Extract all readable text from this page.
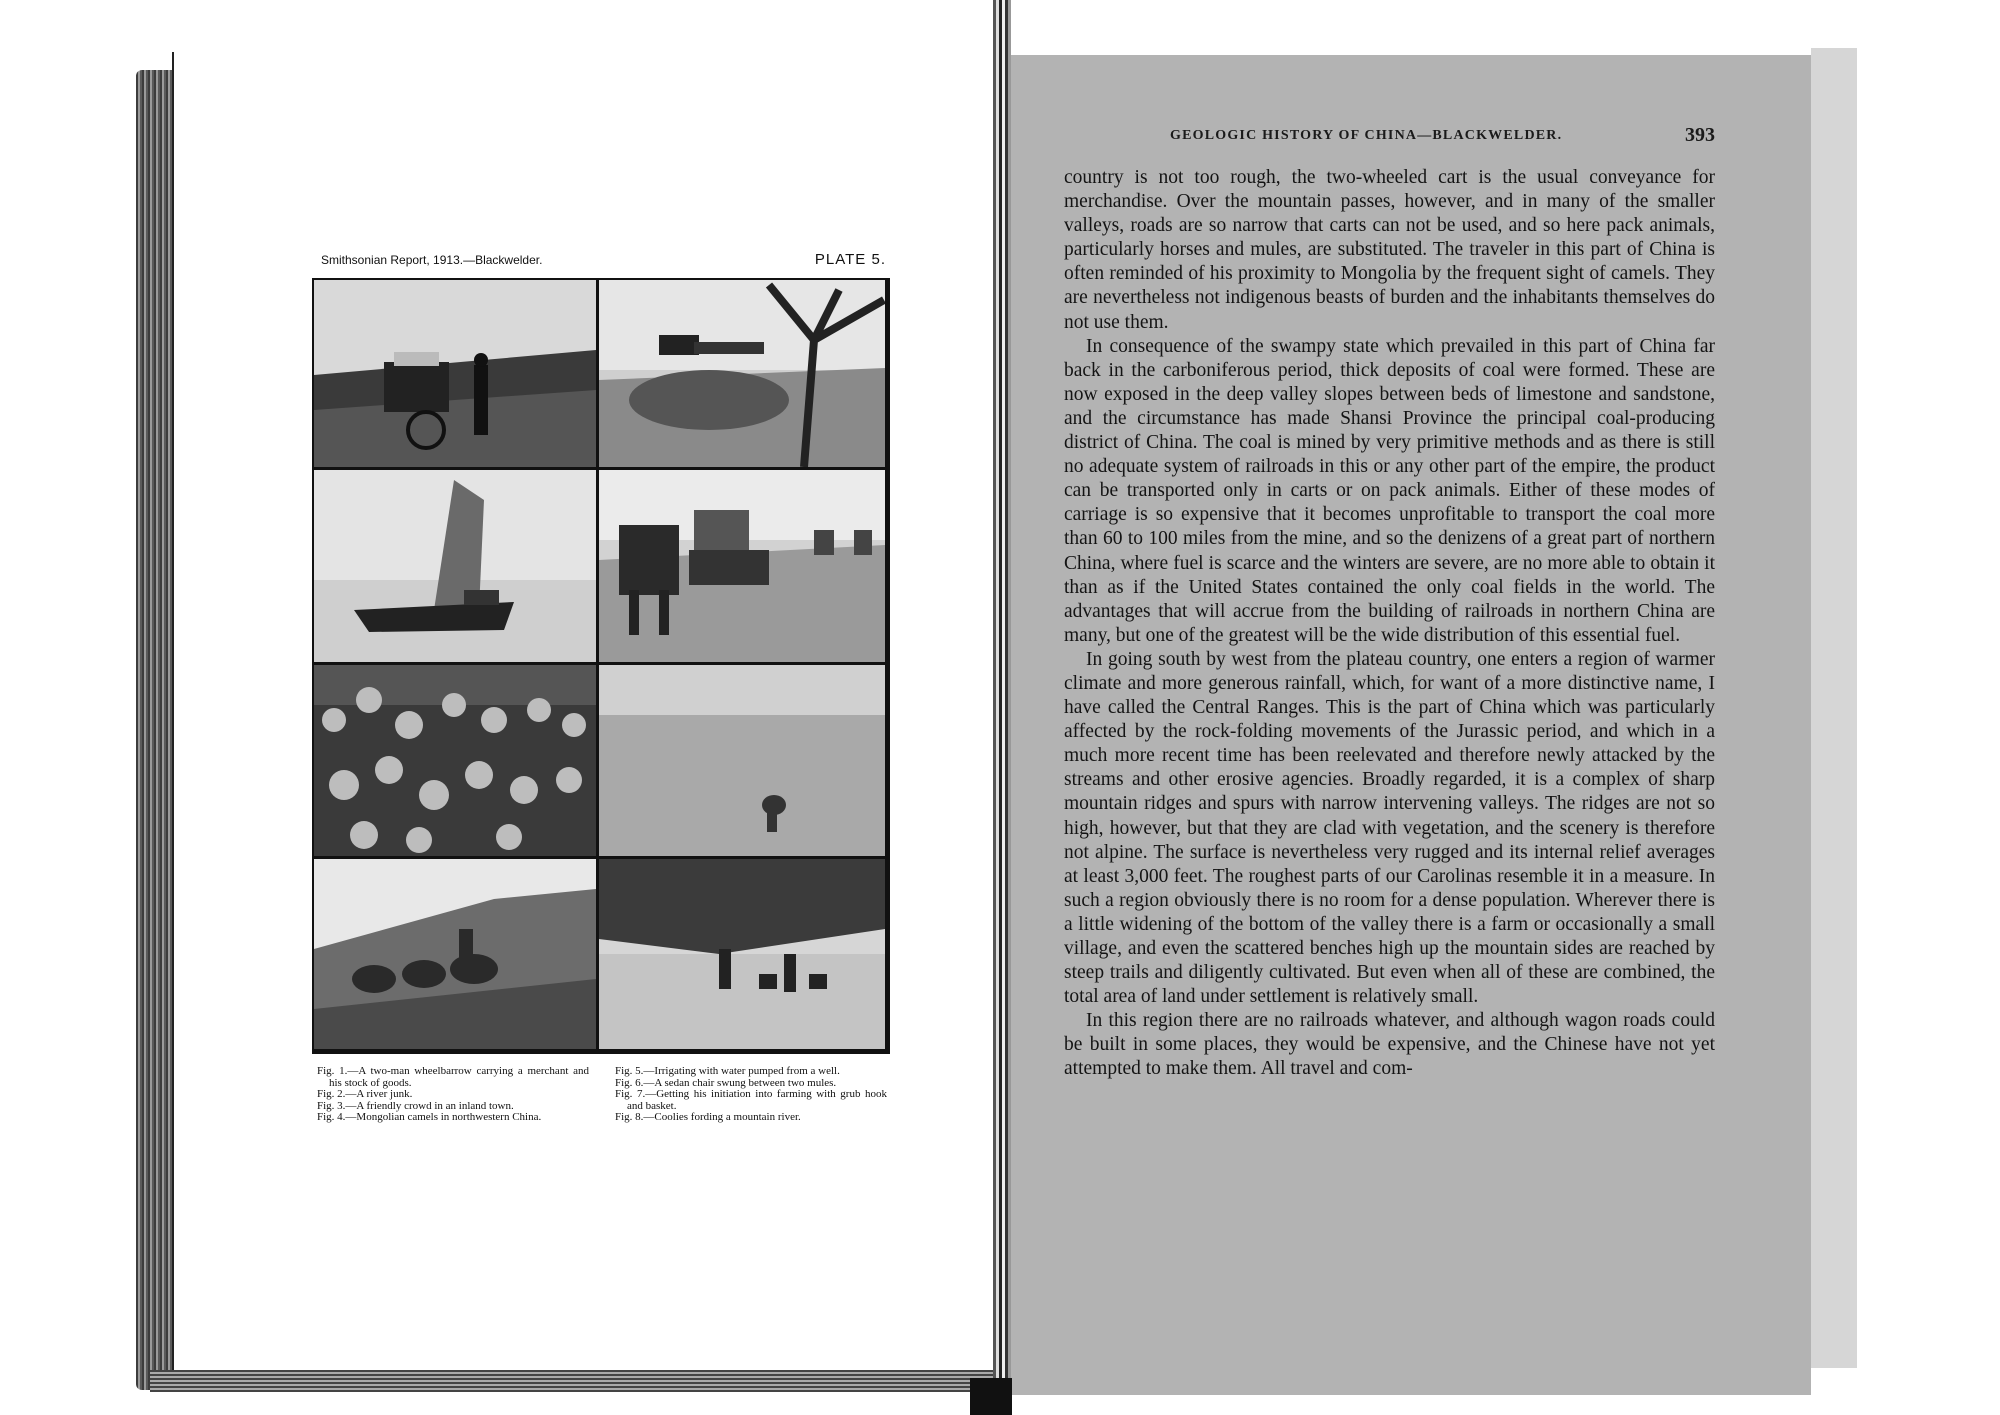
Smithsonian Report, 1913.—Blackwelder.	PLATE 5.

Fig. 1.—A two-man wheelbarrow carrying a merchant and his stock of goods.

Fig. 2.—A river junk.

Fig. 3.—A friendly crowd in an inland town.

Fig. 4.—Mongolian camels in northwestern China.

Fig. 5.—Irrigating with water pumped from a well.

Fig. 6.—A sedan chair swung between two mules.

Fig. 7.—Getting his initiation into farming with grub hook and basket.

Fig. 8.—Coolies fording a mountain river.

GEOLOGIC HISTORY OF CHINA—BLACKWELDER.	393

country is not too rough, the two-wheeled cart is the usual conveyance for merchandise. Over the mountain passes, however, and in many of the smaller valleys, roads are so narrow that carts can not be used, and so here pack animals, particularly horses and mules, are substituted. The traveler in this part of China is often reminded of his proximity to Mongolia by the frequent sight of camels. They are nevertheless not indigenous beasts of burden and the inhabitants themselves do not use them.

In consequence of the swampy state which prevailed in this part of China far back in the carboniferous period, thick deposits of coal were formed. These are now exposed in the deep valley slopes between beds of limestone and sandstone, and the circumstance has made Shansi Province the principal coal-producing district of China. The coal is mined by very primitive methods and as there is still no adequate system of railroads in this or any other part of the empire, the product can be transported only in carts or on pack animals. Either of these modes of carriage is so expensive that it becomes unprofitable to transport the coal more than 60 to 100 miles from the mine, and so the denizens of a great part of northern China, where fuel is scarce and the winters are severe, are no more able to obtain it than as if the United States contained the only coal fields in the world. The advantages that will accrue from the building of railroads in northern China are many, but one of the greatest will be the wide distribution of this essential fuel.

In going south by west from the plateau country, one enters a region of warmer climate and more generous rainfall, which, for want of a more distinctive name, I have called the Central Ranges. This is the part of China which was particularly affected by the rock-folding movements of the Jurassic period, and which in a much more recent time has been reelevated and therefore newly attacked by the streams and other erosive agencies. Broadly regarded, it is a complex of sharp mountain ridges and spurs with narrow intervening valleys. The ridges are not so high, however, but that they are clad with vegetation, and the scenery is therefore not alpine. The surface is nevertheless very rugged and its internal relief averages at least 3,000 feet. The roughest parts of our Carolinas resemble it in a measure. In such a region obviously there is no room for a dense population. Wherever there is a little widening of the bottom of the valley there is a farm or occasionally a small village, and even the scattered benches high up the mountain sides are reached by steep trails and diligently cultivated. But even when all of these are combined, the total area of land under settlement is relatively small.

In this region there are no railroads whatever, and although wagon roads could be built in some places, they would be expensive, and the Chinese have not yet attempted to make them. All travel and com-
